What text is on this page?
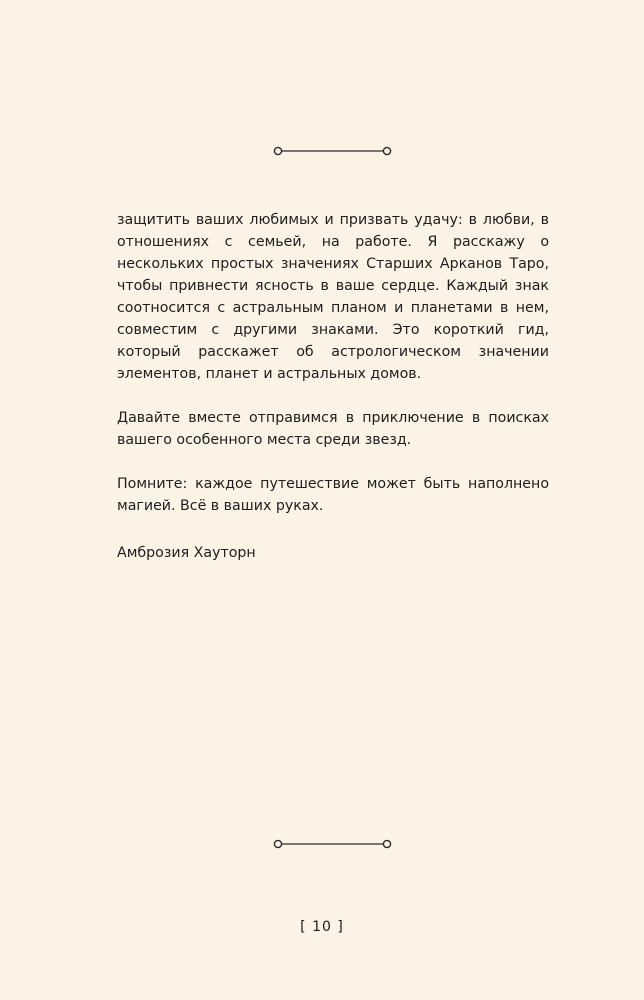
защитить ваших любимых и призвать удачу: в любви, в отношениях с семьей, на работе. Я расскажу о нескольких простых значениях Старших Арканов Таро, чтобы привнести ясность в ваше сердце. Каждый знак соотносится с астральным планом и планетами в нем, совместим с другими знаками. Это короткий гид, который расскажет об астрологическом значении элементов, планет и астральных домов.

Давайте вместе отправимся в приключение в поисках вашего особенного места среди звезд.

Помните: каждое путешествие может быть наполнено магией. Всё в ваших руках.

Амброзия Хауторн
[ 10 ]
